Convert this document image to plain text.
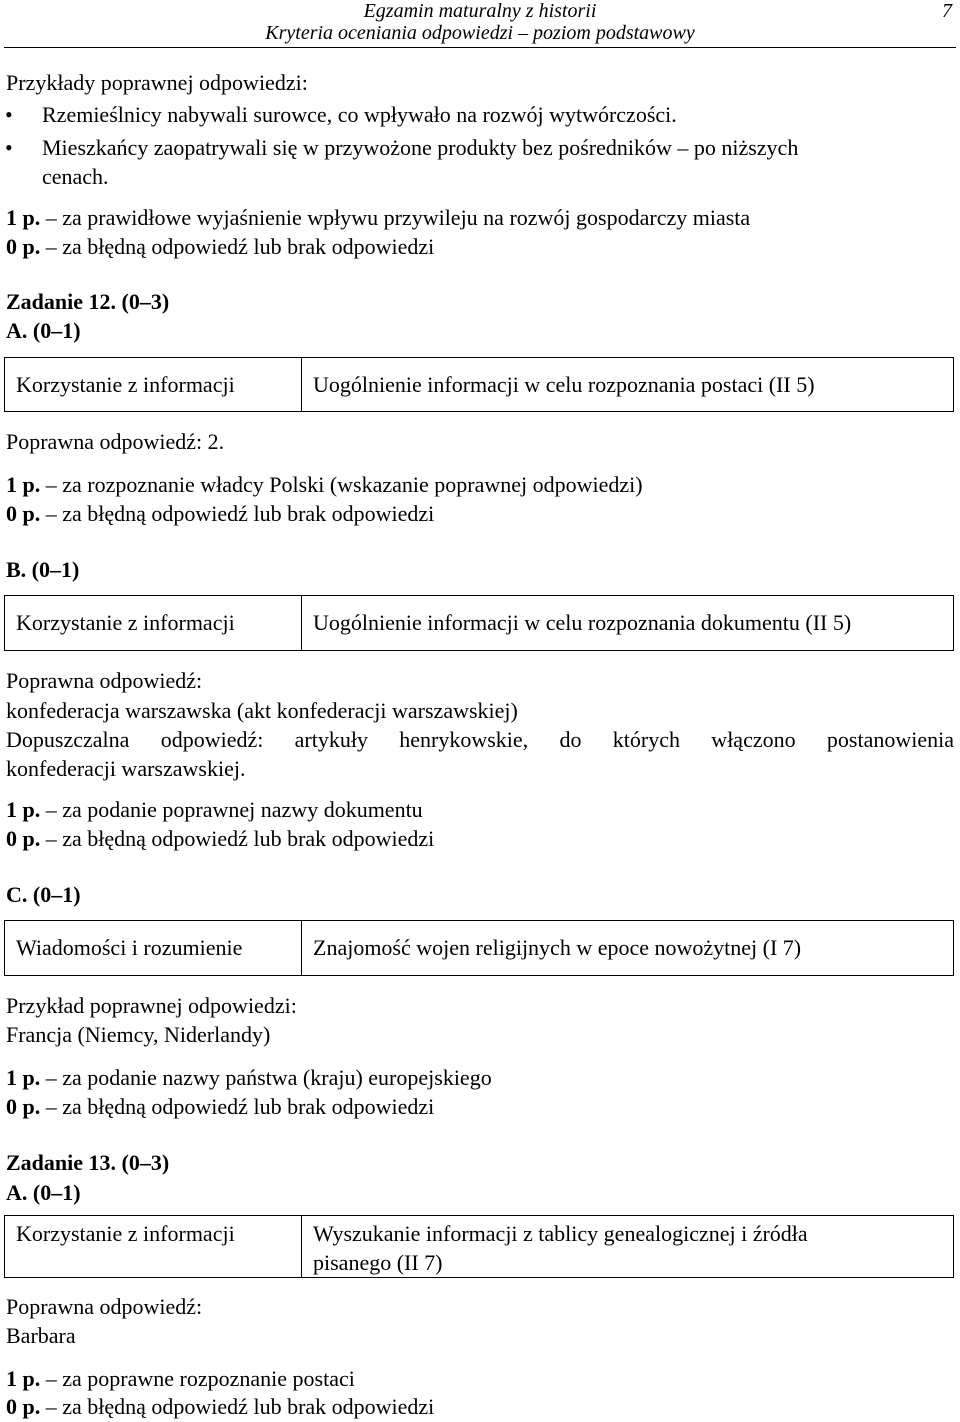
Egzamin maturalny z historii
Kryteria oceniania odpowiedzi – poziom podstawowy
7
Przykłady poprawnej odpowiedzi:
• Rzemieślnicy nabywali surowce, co wpływało na rozwój wytwórczości.
• Mieszkańcy zaopatrywali się w przywożone produkty bez pośredników – po niższych
cenach.
1 p. – za prawidłowe wyjaśnienie wpływu przywileju na rozwój gospodarczy miasta
0 p. – za błędną odpowiedź lub brak odpowiedzi
Zadanie 12. (0–3)
A. (0–1)
Korzystanie z informacji	Uogólnienie informacji w celu rozpoznania postaci (II 5)
Poprawna odpowiedź: 2.
1 p. – za rozpoznanie władcy Polski (wskazanie poprawnej odpowiedzi)
0 p. – za błędną odpowiedź lub brak odpowiedzi
B. (0–1)
Korzystanie z informacji	Uogólnienie informacji w celu rozpoznania dokumentu (II 5)
Poprawna odpowiedź:
konfederacja warszawska (akt konfederacji warszawskiej)
Dopuszczalna odpowiedź: artykuły henrykowskie, do których włączono postanowienia
konfederacji warszawskiej.
1 p. – za podanie poprawnej nazwy dokumentu
0 p. – za błędną odpowiedź lub brak odpowiedzi
C. (0–1)
Wiadomości i rozumienie	Znajomość wojen religijnych w epoce nowożytnej (I 7)
Przykład poprawnej odpowiedzi:
Francja (Niemcy, Niderlandy)
1 p. – za podanie nazwy państwa (kraju) europejskiego
0 p. – za błędną odpowiedź lub brak odpowiedzi
Zadanie 13. (0–3)
A. (0–1)
Korzystanie z informacji	Wyszukanie informacji z tablicy genealogicznej i źródła
pisanego (II 7)
Poprawna odpowiedź:
Barbara
1 p. – za poprawne rozpoznanie postaci
0 p. – za błędną odpowiedź lub brak odpowiedzi
